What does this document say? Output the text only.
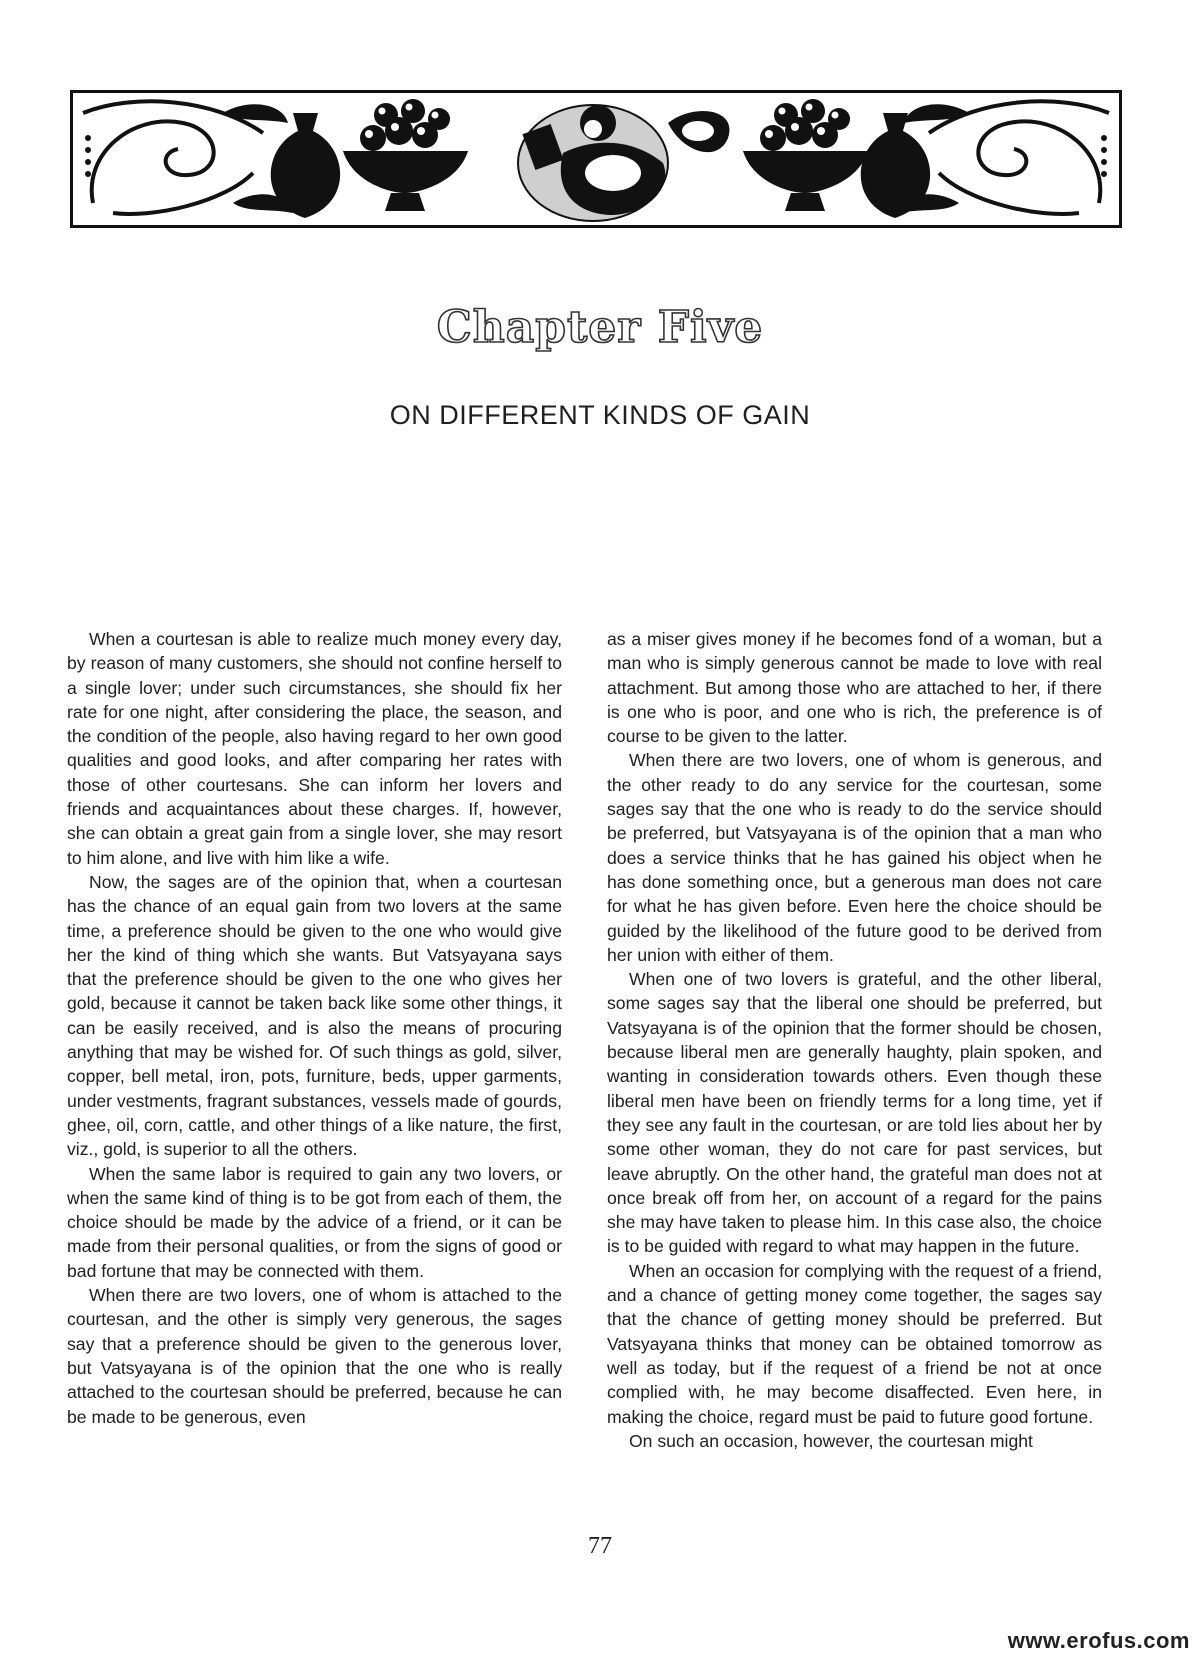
Chapter Five
ON DIFFERENT KINDS OF GAIN

When a courtesan is able to realize much money every day, by reason of many customers, she should not confine herself to a single lover; under such circumstances, she should fix her rate for one night, after considering the place, the season, and the condition of the people, also having regard to her own good qualities and good looks, and after comparing her rates with those of other courtesans. She can inform her lovers and friends and acquaintances about these charges. If, however, she can obtain a great gain from a single lover, she may resort to him alone, and live with him like a wife.

Now, the sages are of the opinion that, when a courtesan has the chance of an equal gain from two lovers at the same time, a preference should be given to the one who would give her the kind of thing which she wants. But Vatsyayana says that the preference should be given to the one who gives her gold, because it cannot be taken back like some other things, it can be easily received, and is also the means of procuring anything that may be wished for. Of such things as gold, silver, copper, bell metal, iron, pots, furniture, beds, upper garments, under vestments, fragrant substances, vessels made of gourds, ghee, oil, corn, cattle, and other things of a like nature, the first, viz., gold, is superior to all the others.

When the same labor is required to gain any two lovers, or when the same kind of thing is to be got from each of them, the choice should be made by the advice of a friend, or it can be made from their personal qualities, or from the signs of good or bad fortune that may be connected with them.

When there are two lovers, one of whom is attached to the courtesan, and the other is simply very generous, the sages say that a preference should be given to the generous lover, but Vatsyayana is of the opinion that the one who is really attached to the courtesan should be preferred, because he can be made to be generous, even

as a miser gives money if he becomes fond of a woman, but a man who is simply generous cannot be made to love with real attachment. But among those who are attached to her, if there is one who is poor, and one who is rich, the preference is of course to be given to the latter.

When there are two lovers, one of whom is generous, and the other ready to do any service for the courtesan, some sages say that the one who is ready to do the service should be preferred, but Vatsyayana is of the opinion that a man who does a service thinks that he has gained his object when he has done something once, but a generous man does not care for what he has given before. Even here the choice should be guided by the likelihood of the future good to be derived from her union with either of them.

When one of two lovers is grateful, and the other liberal, some sages say that the liberal one should be preferred, but Vatsyayana is of the opinion that the former should be chosen, because liberal men are generally haughty, plain spoken, and wanting in consideration towards others. Even though these liberal men have been on friendly terms for a long time, yet if they see any fault in the courtesan, or are told lies about her by some other woman, they do not care for past services, but leave abruptly. On the other hand, the grateful man does not at once break off from her, on account of a regard for the pains she may have taken to please him. In this case also, the choice is to be guided with regard to what may happen in the future.

When an occasion for complying with the request of a friend, and a chance of getting money come together, the sages say that the chance of getting money should be preferred. But Vatsyayana thinks that money can be obtained tomorrow as well as today, but if the request of a friend be not at once complied with, he may become disaffected. Even here, in making the choice, regard must be paid to future good fortune.

On such an occasion, however, the courtesan might

77
www.erofus.com
